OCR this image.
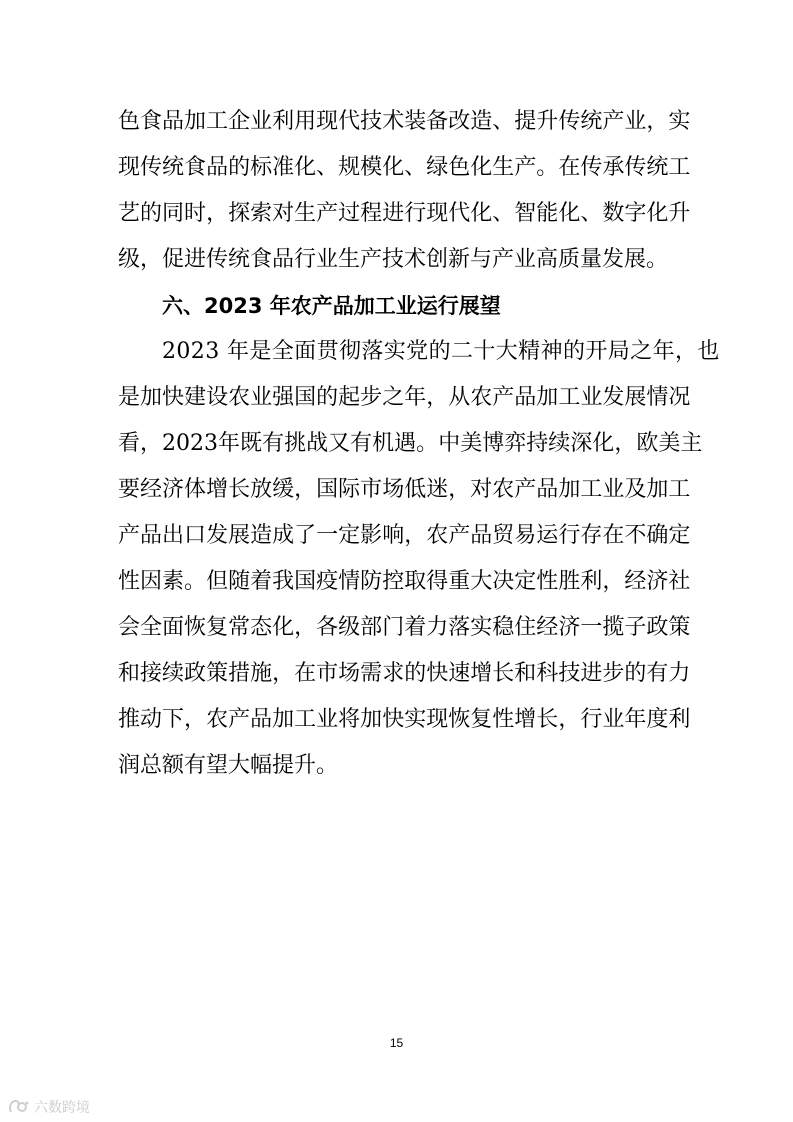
色 食 品 加 工 企 业 利 用 现 代 技 术 装 备 改 造 、 提 升 传 统 产 业 ， 实
现 传 统 食 品 的 标 准 化 、 规 模 化 、 绿 色 化 生 产 。 在 传 承 传 统 工
艺 的 同 时 ， 探 索 对 生 产 过 程 进 行 现 代 化 、 智 能 化 、 数 字 化 升
级，促进传统食品行业生产技术创新与产业高质量发展。
六、2023 年农产品加工业运行展望
2023 年是全面贯彻落实党的二十大精神的开局之年，也
是 加 快 建 设 农 业 强 国 的 起 步 之 年 ， 从 农 产 品 加 工 业 发 展 情 况
看 ， 2023 年 既 有 挑 战 又 有 机 遇 。 中 美 博 弈 持 续 深 化 ， 欧 美 主
要 经 济 体 增 长 放 缓 ， 国 际 市 场 低 迷 ， 对 农 产 品 加 工 业 及 加 工
产 品 出 口 发 展 造 成 了 一 定 影 响 ， 农 产 品 贸 易 运 行 存 在 不 确 定
性 因 素 。 但 随 着 我 国 疫 情 防 控 取 得 重 大 决 定 性 胜 利 ， 经 济 社
会 全 面 恢 复 常 态 化 ， 各 级 部 门 着 力 落 实 稳 住 经 济 一 揽 子 政 策
和 接 续 政 策 措 施 ， 在 市 场 需 求 的 快 速 增 长 和 科 技 进 步 的 有 力
推 动 下 ， 农 产 品 加 工 业 将 加 快 实 现 恢 复 性 增 长 ， 行 业 年 度 利
润总额有望大幅提升。
15
六数跨境
